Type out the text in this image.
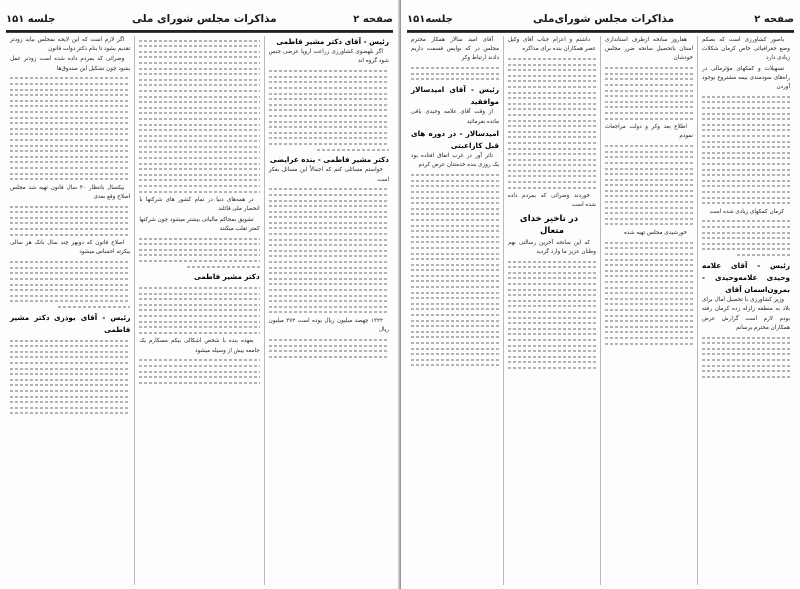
صفحه ۲
مذاکرات مجلس شورای ملی
جلسه ۱۵۱
رئیس - آقای دکتر مشیر فاطمی

اگر بلهضوی کشاورزی زراعت اروپا عرضی جنس شود گروه اند

دکتر مشیر فاطمی - بنده عرایضی

خواستم مسائلی کنم که اجمالاً این مسائل بفکر است

۱۳۲۲ چهصد میلیون ریال بوده است ۳۷۲ میلیون ریال

در همه‌های دنیا در تمام کشور های شرکتها با انحصار ملی قائلند

تشویق بمحاکم مالیاتی بیشتر میشود چون شرکتها کمتر تقلب میکنند

دکتر مشیر فاطمی

بعهده بنده با شخص اشکالی بیکم مسکارم یک جامعه بیش از وسیله میشود

اگر لازم است که این لایحه بمجلس بیاید زودتر تقدیم بشود تا بنام دکتر دولت قانون

وضرائی که بمردم داده شده است زودتر عمل بشود چون تشکیل این صندوق‌ها

بیکسال بانتظار ۴۰ سال قانون تهیه شد مجلس اصلاح وقع بعدی

اصلاح قانون که دوبهر چند سال بانک هر سالی بیکرته احساس میشود

رئیس - آقای بوذری دکتر مشیر فاطمی
صفحه ۲
مذاکرات مجلس شورای‌ملی
جلسه۱۵۱

باصور کشاورزی است که بصکم وضع جغرافیائی خاص کرمان شکلات زیادی دارد

تسهیلات و کمکهای مؤثرمالی در راه‌های سودمندی بیمه مشتروع بوجود آوردن

کرمان کمکهای زیادی شده است

رئیس - آقای علامه وحیدی علامه‌وحیدی - بمرون‌اسمان آقای

وزیر کشاورزی با تحصیل امال برای بلاد به منطقه زلزله زده کرمان رفته بودم لازم است گزارش عرض همکاران محترم برسانم

هفاروز سانحه ازطرف استانداری استان باتحصیل سانحه ضرر مجلس خودشان

اطلاع بعد وکر و دولت مراجعات نمودم

خورشیدی مجلس تهیه شده

داشتم و اعزام جناب آقای وکیل عصر همکاران بنده برای مذاکره

خوردند وضرائی که بمردم داده شده است

در تاخیر خدای متعال

که این سانحه آخرین رسالتی بهم وطنان عزیز ما وارد گردید

آقای امید سالار همکار محترم مجلس در که بوایس قسمت داریم دادند ارتباط وکر

رئیس - آقای امیدسالار موافقید

از وقت آقای علامه وحیدی باقی مانده بفرمائید

امیدسالار - در دوره های قبل کاراعبتی

تاثر آور در غرب اتفاق افتاده بود یک روزی بنده خدمتتان عرض کردم
